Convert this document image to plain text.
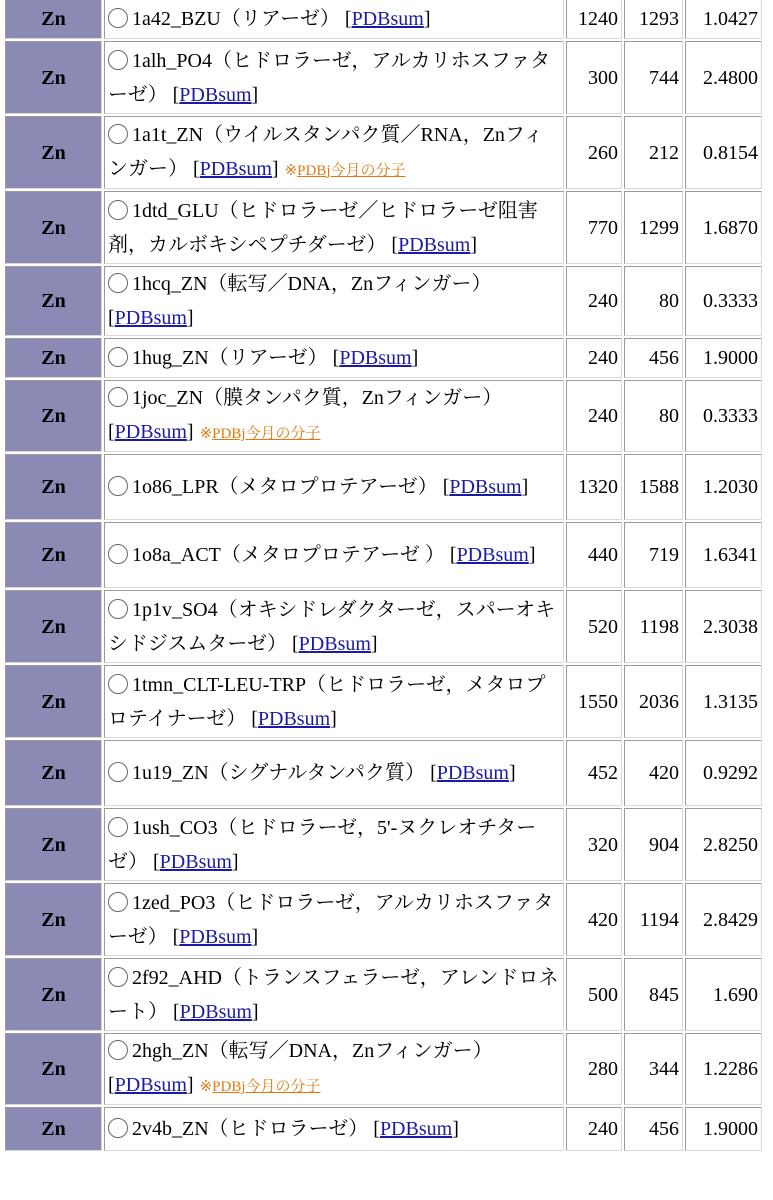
Zn	1a42_BZU（リアーゼ） [PDBsum]	1240	1293	1.0427
Zn	1alh_PO4（ヒドロラーゼ，アルカリホスファターゼ） [PDBsum]	300	744	2.4800
Zn	1a1t_ZN（ウイルスタンパク質／RNA，Znフィンガー） [PDBsum] ※PDBj今月の分子	260	212	0.8154
Zn	1dtd_GLU（ヒドロラーゼ／ヒドロラーゼ阻害剤，カルボキシペプチダーゼ） [PDBsum]	770	1299	1.6870
Zn	1hcq_ZN（転写／DNA，Znフィンガー） [PDBsum]	240	80	0.3333
Zn	1hug_ZN（リアーゼ） [PDBsum]	240	456	1.9000
Zn	1joc_ZN（膜タンパク質，Znフィンガー） [PDBsum] ※PDBj今月の分子	240	80	0.3333
Zn	1o86_LPR（メタロプロテアーゼ） [PDBsum]	1320	1588	1.2030
Zn	1o8a_ACT（メタロプロテアーゼ ） [PDBsum]	440	719	1.6341
Zn	1p1v_SO4（オキシドレダクターゼ，スパーオキシドジスムターゼ） [PDBsum]	520	1198	2.3038
Zn	1tmn_CLT-LEU-TRP（ヒドロラーゼ，メタロプロテイナーゼ） [PDBsum]	1550	2036	1.3135
Zn	1u19_ZN（シグナルタンパク質） [PDBsum]	452	420	0.9292
Zn	1ush_CO3（ヒドロラーゼ，5'-ヌクレオチターゼ） [PDBsum]	320	904	2.8250
Zn	1zed_PO3（ヒドロラーゼ，アルカリホスファターゼ） [PDBsum]	420	1194	2.8429
Zn	2f92_AHD（トランスフェラーゼ，アレンドロネート） [PDBsum]	500	845	1.690
Zn	2hgh_ZN（転写／DNA，Znフィンガー） [PDBsum] ※PDBj今月の分子	280	344	1.2286
Zn	2v4b_ZN（ヒドロラーゼ） [PDBsum]	240	456	1.9000
